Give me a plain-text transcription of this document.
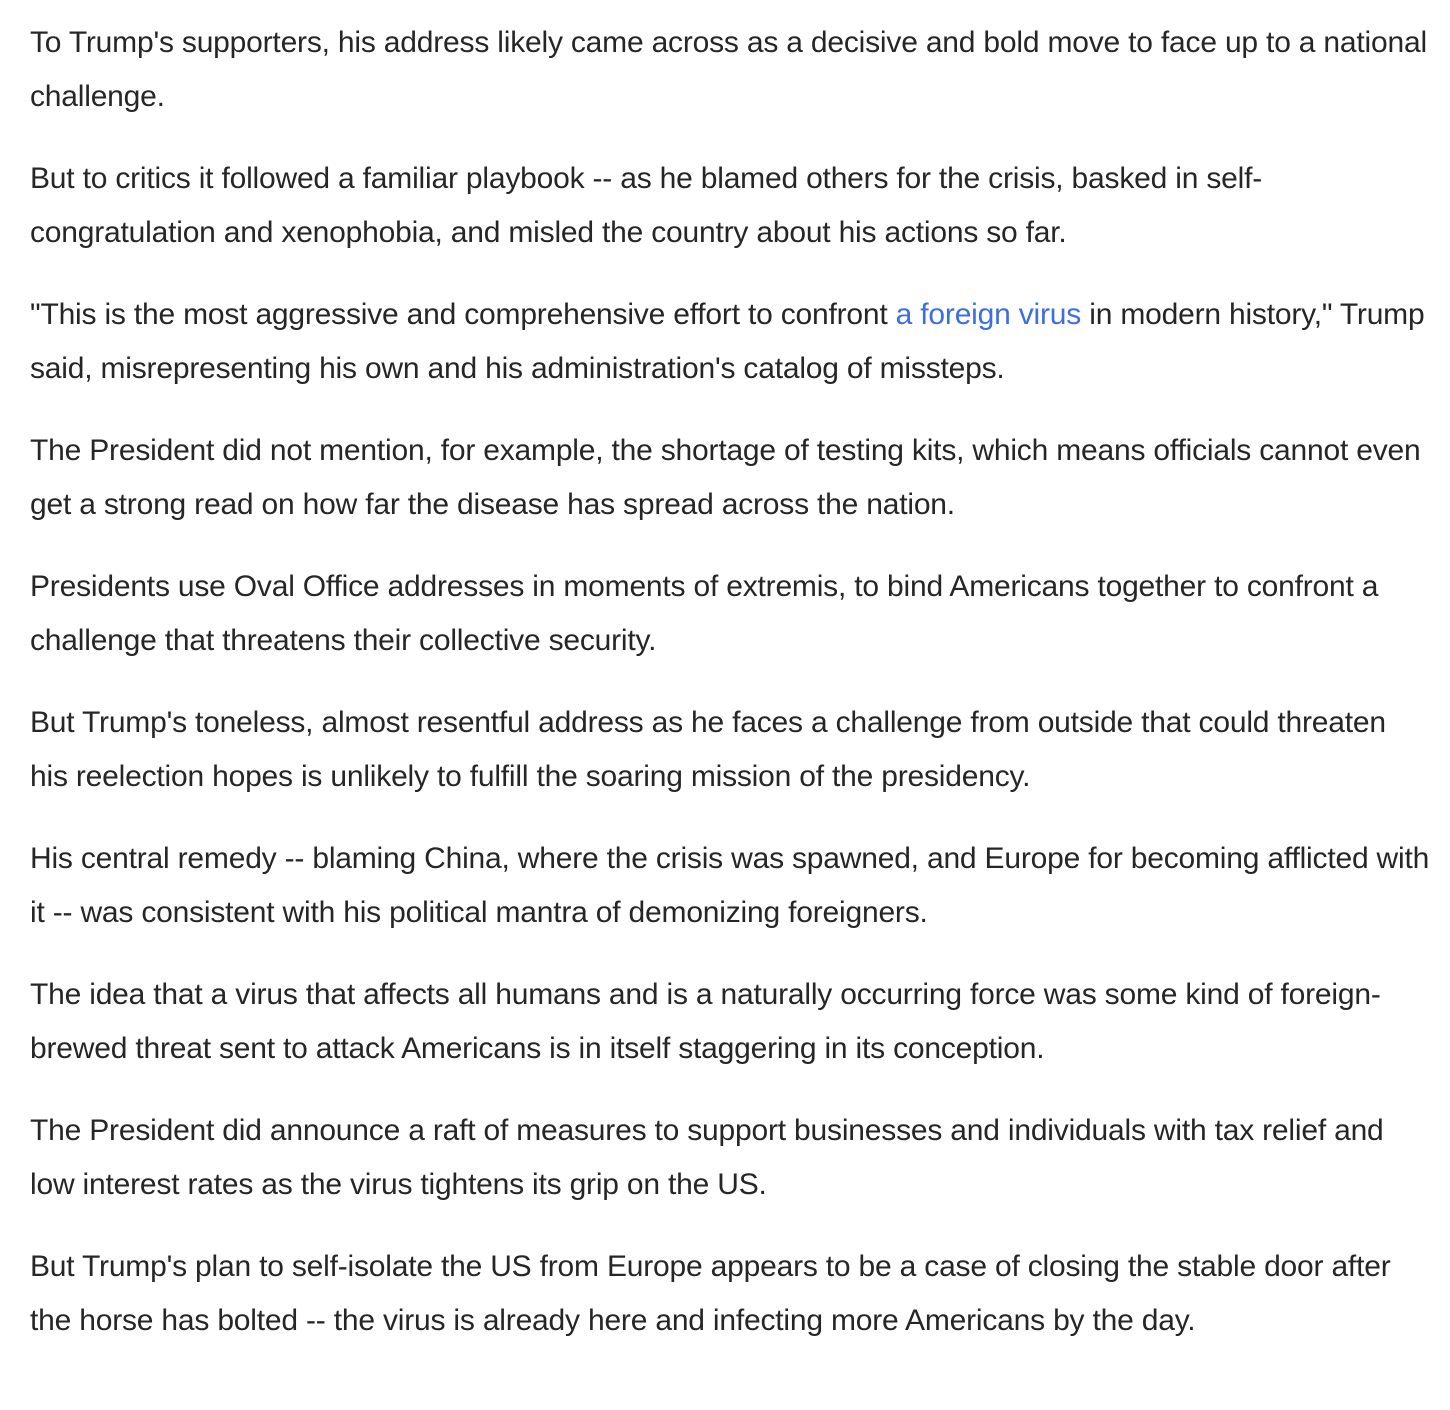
To Trump's supporters, his address likely came across as a decisive and bold move to face up to a national challenge.

But to critics it followed a familiar playbook -- as he blamed others for the crisis, basked in self-congratulation and xenophobia, and misled the country about his actions so far.

"This is the most aggressive and comprehensive effort to confront a foreign virus in modern history," Trump said, misrepresenting his own and his administration's catalog of missteps.

The President did not mention, for example, the shortage of testing kits, which means officials cannot even get a strong read on how far the disease has spread across the nation.

Presidents use Oval Office addresses in moments of extremis, to bind Americans together to confront a challenge that threatens their collective security.

But Trump's toneless, almost resentful address as he faces a challenge from outside that could threaten his reelection hopes is unlikely to fulfill the soaring mission of the presidency.

His central remedy -- blaming China, where the crisis was spawned, and Europe for becoming afflicted with it -- was consistent with his political mantra of demonizing foreigners.

The idea that a virus that affects all humans and is a naturally occurring force was some kind of foreign-brewed threat sent to attack Americans is in itself staggering in its conception.

The President did announce a raft of measures to support businesses and individuals with tax relief and low interest rates as the virus tightens its grip on the US.

But Trump's plan to self-isolate the US from Europe appears to be a case of closing the stable door after the horse has bolted -- the virus is already here and infecting more Americans by the day.
